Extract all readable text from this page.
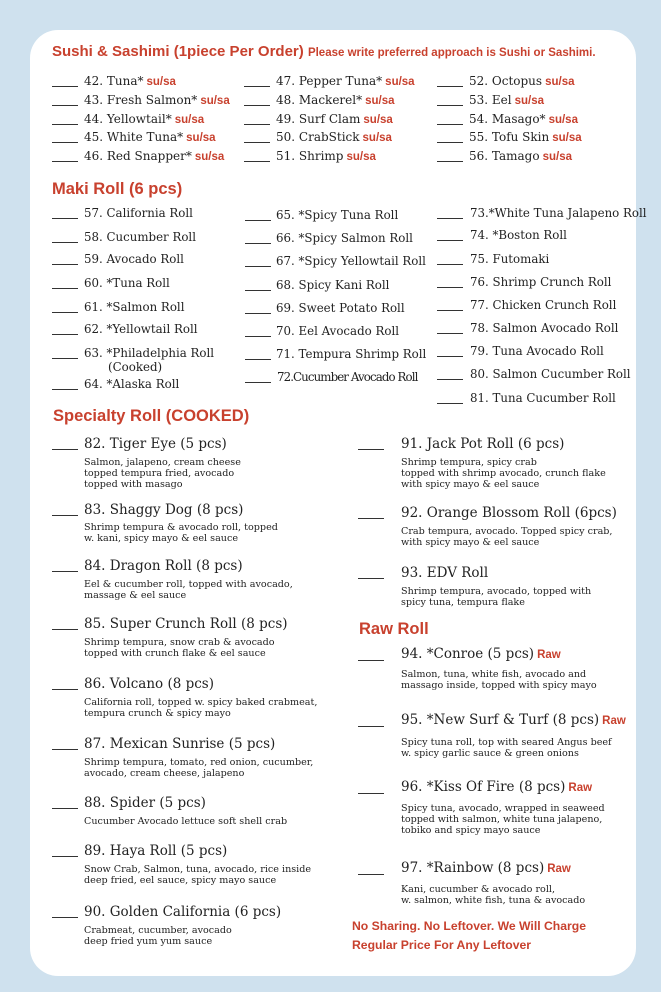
Sushi & Sashimi (1piece Per Order) Please write preferred approach is Sushi or Sashimi.
Maki Roll (6 pcs)
Specialty Roll (COOKED)
Raw Roll
No Sharing. No Leftover. We Will Charge
Regular Price For Any Leftover
42. Tuna* su/sa
43. Fresh Salmon* su/sa
44. Yellowtail* su/sa
45. White Tuna* su/sa
46. Red Snapper* su/sa
47. Pepper Tuna* su/sa
48. Mackerel* su/sa
49. Surf Clam su/sa
50. CrabStick su/sa
51. Shrimp su/sa
52. Octopus su/sa
53. Eel su/sa
54. Masago* su/sa
55. Tofu Skin su/sa
56. Tamago su/sa
57. California Roll
58. Cucumber Roll
59. Avocado Roll
60. *Tuna Roll
61. *Salmon Roll
62. *Yellowtail Roll
63. *Philadelphia Roll
(Cooked)
64. *Alaska Roll
65. *Spicy Tuna Roll
66. *Spicy Salmon Roll
67. *Spicy Yellowtail Roll
68. Spicy Kani Roll
69. Sweet Potato Roll
70. Eel Avocado Roll
71. Tempura Shrimp Roll
72.Cucumber Avocado Roll
73.*White Tuna Jalapeno Roll
74. *Boston Roll
75. Futomaki
76. Shrimp Crunch Roll
77. Chicken Crunch Roll
78. Salmon Avocado Roll
79. Tuna Avocado Roll
80. Salmon Cucumber Roll
81. Tuna Cucumber Roll
82. Tiger Eye (5 pcs)
Salmon, jalapeno, cream cheese
topped tempura fried, avocado
topped with masago
83. Shaggy Dog (8 pcs)
Shrimp tempura & avocado roll, topped
w. kani, spicy mayo & eel sauce
84. Dragon Roll (8 pcs)
Eel & cucumber roll, topped with avocado,
massage & eel sauce
85. Super Crunch Roll (8 pcs)
Shrimp tempura, snow crab & avocado
topped with crunch flake & eel sauce
86. Volcano (8 pcs)
California roll, topped w. spicy baked crabmeat,
tempura crunch & spicy mayo
87. Mexican Sunrise (5 pcs)
Shrimp tempura, tomato, red onion, cucumber,
avocado, cream cheese, jalapeno
88. Spider (5 pcs)
Cucumber Avocado lettuce soft shell crab
89. Haya Roll (5 pcs)
Snow Crab, Salmon, tuna, avocado, rice inside
deep fried, eel sauce, spicy mayo sauce
90. Golden California (6 pcs)
Crabmeat, cucumber, avocado
deep fried yum yum sauce
91. Jack Pot Roll (6 pcs)
Shrimp tempura, spicy crab
topped with shrimp avocado, crunch flake
with spicy mayo & eel sauce
92. Orange Blossom Roll (6pcs)
Crab tempura, avocado. Topped spicy crab,
with spicy mayo & eel sauce
93. EDV Roll
Shrimp tempura, avocado, topped with
spicy tuna, tempura flake
94. *Conroe (5 pcs) Raw
Salmon, tuna, white fish, avocado and
massago inside, topped with spicy mayo
95. *New Surf & Turf (8 pcs) Raw
Spicy tuna roll, top with seared Angus beef
w. spicy garlic sauce & green onions
96. *Kiss Of Fire (8 pcs) Raw
Spicy tuna, avocado, wrapped in seaweed
topped with salmon, white tuna jalapeno,
tobiko and spicy mayo sauce
97. *Rainbow (8 pcs) Raw
Kani, cucumber & avocado roll,
w. salmon, white fish, tuna & avocado
